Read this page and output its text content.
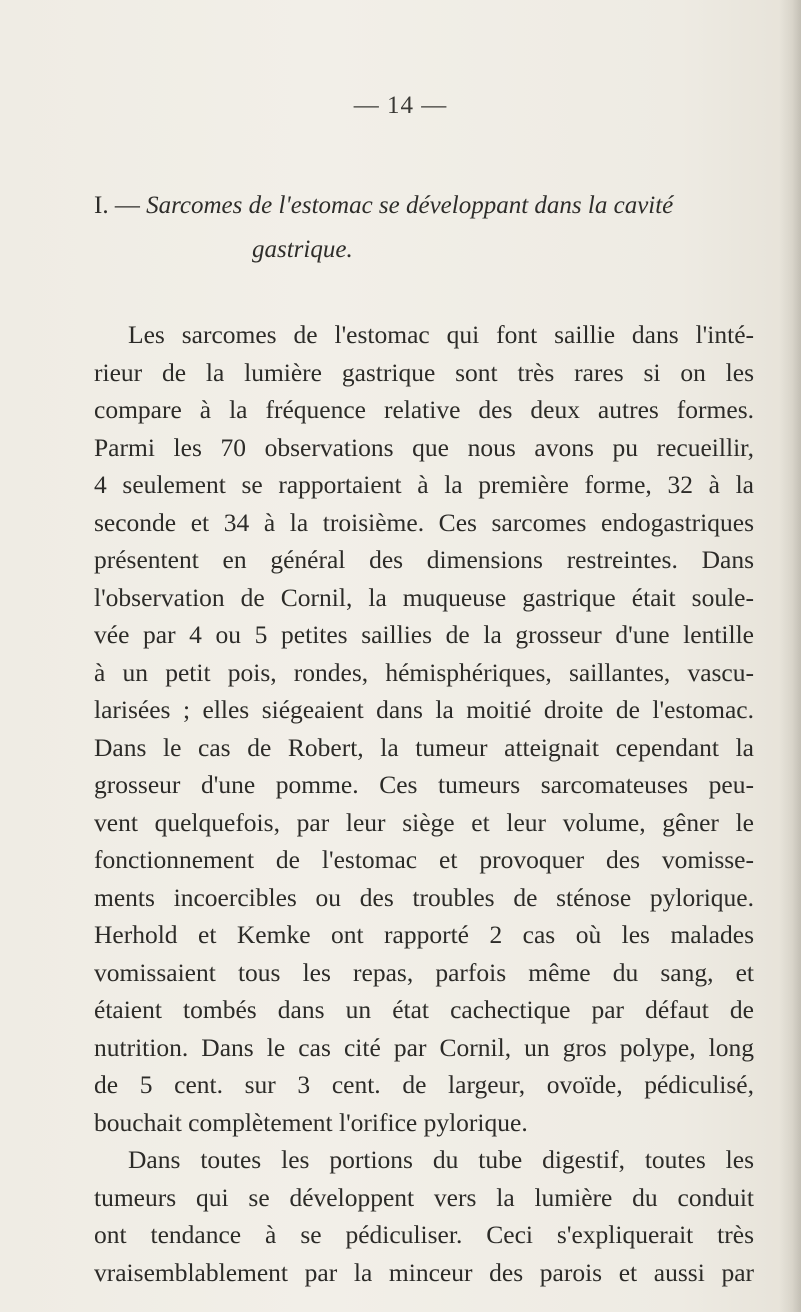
— 14 —
I. — Sarcomes de l'estomac se développant dans la cavité
gastrique.
Les sarcomes de l'estomac qui font saillie dans l'inté-
rieur de la lumière gastrique sont très rares si on les
compare à la fréquence relative des deux autres formes.
Parmi les 70 observations que nous avons pu recueillir,
4 seulement se rapportaient à la première forme, 32 à la
seconde et 34 à la troisième. Ces sarcomes endogastriques
présentent en général des dimensions restreintes. Dans
l'observation de Cornil, la muqueuse gastrique était soule-
vée par 4 ou 5 petites saillies de la grosseur d'une lentille
à un petit pois, rondes, hémisphériques, saillantes, vascu-
larisées ; elles siégeaient dans la moitié droite de l'estomac.
Dans le cas de Robert, la tumeur atteignait cependant la
grosseur d'une pomme. Ces tumeurs sarcomateuses peu-
vent quelquefois, par leur siège et leur volume, gêner le
fonctionnement de l'estomac et provoquer des vomisse-
ments incoercibles ou des troubles de sténose pylorique.
Herhold et Kemke ont rapporté 2 cas où les malades
vomissaient tous les repas, parfois même du sang, et
étaient tombés dans un état cachectique par défaut de
nutrition. Dans le cas cité par Cornil, un gros polype, long
de 5 cent. sur 3 cent. de largeur, ovoïde, pédiculisé,
bouchait complètement l'orifice pylorique.
Dans toutes les portions du tube digestif, toutes les
tumeurs qui se développent vers la lumière du conduit
ont tendance à se pédiculiser. Ceci s'expliquerait très
vraisemblablement par la minceur des parois et aussi par
